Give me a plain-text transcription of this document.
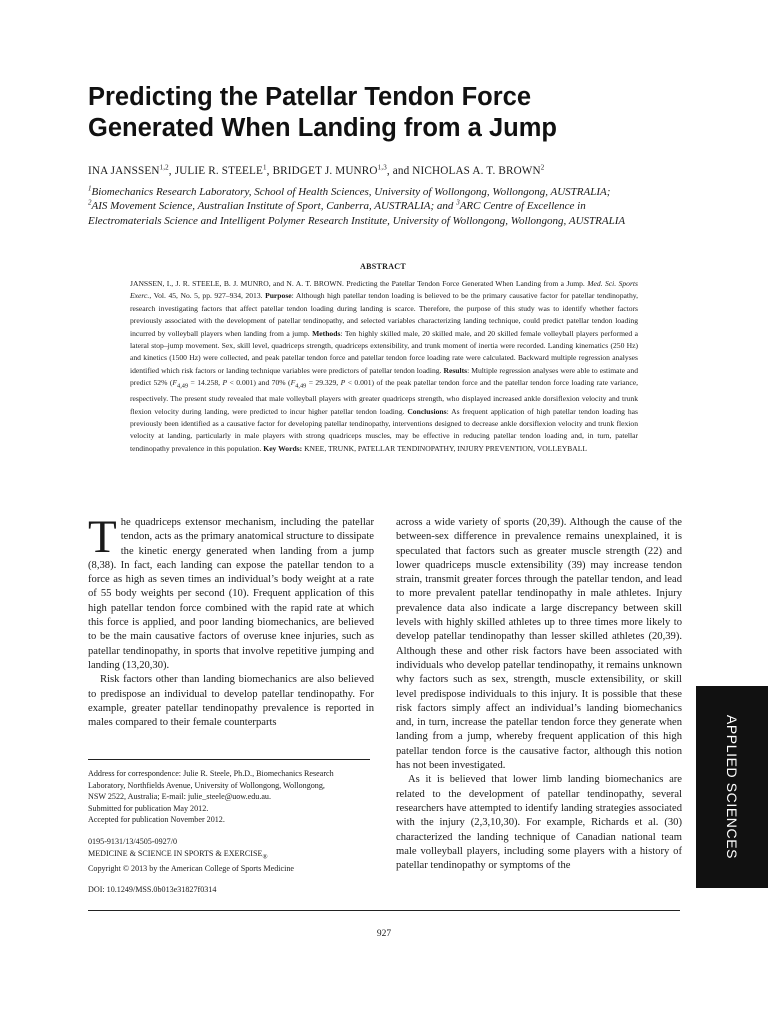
Predicting the Patellar Tendon Force
Generated When Landing from a Jump
INA JANSSEN$^{1,2}$, JULIE R. STEELE$^1$, BRIDGET J. MUNRO$^{1,3}$, and NICHOLAS A. T. BROWN$^2$
$^1$Biomechanics Research Laboratory, School of Health Sciences, University of Wollongong, Wollongong, AUSTRALIA;
$^2$AIS Movement Science, Australian Institute of Sport, Canberra, AUSTRALIA; and $^3$ARC Centre of Excellence in
Electromaterials Science and Intelligent Polymer Research Institute, University of Wollongong, Wollongong, AUSTRALIA
ABSTRACT
JANSSEN, I., J. R. STEELE, B. J. MUNRO, and N. A. T. BROWN. Predicting the Patellar Tendon Force Generated When Landing from a Jump. Med. Sci. Sports Exerc., Vol. 45, No. 5, pp. 927–934, 2013. Purpose: Although high patellar tendon loading is believed to be the primary causative factor for patellar tendinopathy, research investigating factors that affect patellar tendon loading during landing is scarce. Therefore, the purpose of this study was to identify whether factors previously associated with the development of patellar tendinopathy, and selected variables characterizing landing technique, could predict patellar tendon loading incurred by volleyball players when landing from a jump. Methods: Ten highly skilled male, 20 skilled male, and 20 skilled female volleyball players performed a lateral stop–jump movement. Sex, skill level, quadriceps strength, quadriceps extensibility, and trunk moment of inertia were recorded. Landing kinematics (250 Hz) and kinetics (1500 Hz) were collected, and peak patellar tendon force and patellar tendon force loading rate were calculated. Backward multiple regression analyses identified which risk factors or landing technique variables were predictors of patellar tendon loading. Results: Multiple regression analyses were able to estimate and predict 52% ($F_{4,49} = 14.258$, P < 0.001) and 70% ($F_{4,49} = 29.329$, P < 0.001) of the peak patellar tendon force and the patellar tendon force loading rate variance, respectively. The present study revealed that male volleyball players with greater quadriceps strength, who displayed increased ankle dorsiflexion velocity and trunk flexion velocity during landing, were predicted to incur higher patellar tendon loading. Conclusions: As frequent application of high patellar tendon loading has previously been identified as a causative factor for developing patellar tendinopathy, interventions designed to decrease ankle dorsiflexion velocity and trunk flexion velocity at landing, particularly in male players with strong quadriceps muscles, may be effective in reducing patellar tendon loading and, in turn, patellar tendinopathy prevalence in this population. Key Words: KNEE, TRUNK, PATELLAR TENDINOPATHY, INJURY PREVENTION, VOLLEYBALL

The quadriceps extensor mechanism, including the patellar tendon, acts as the primary anatomical structure to dissipate the kinetic energy generated when landing from a jump (8,38). In fact, each landing can expose the patellar tendon to a force as high as seven times an individual’s body weight at a rate of 55 body weights per second (10). Frequent application of this high patellar tendon force combined with the rapid rate at which this force is applied, and poor landing biomechanics, are believed to be the main causative factors of overuse knee injuries, such as patellar tendinopathy, in sports that involve repetitive jumping and landing (13,20,30).

Risk factors other than landing biomechanics are also believed to predispose an individual to develop patellar tendinopathy. For example, greater patellar tendinopathy prevalence is reported in males compared to their female counterparts

across a wide variety of sports (20,39). Although the cause of the between-sex difference in prevalence remains unexplained, it is speculated that factors such as greater muscle strength (22) and lower quadriceps muscle extensibility (39) may increase tendon strain, transmit greater forces through the patellar tendon, and lead to more prevalent patellar tendinopathy in male athletes. Injury prevalence data also indicate a large discrepancy between skill levels with highly skilled athletes up to three times more likely to develop patellar tendinopathy than lesser skilled athletes (20,39). Although these and other risk factors have been associated with individuals who develop patellar tendinopathy, it remains unknown why factors such as sex, strength, muscle extensibility, or skill level predispose individuals to this injury. It is possible that these risk factors simply affect an individual’s landing biomechanics and, in turn, increase the patellar tendon force they generate when landing from a jump, whereby frequent application of this high patellar tendon force is the causative factor, although this notion has not been investigated.

As it is believed that lower limb landing biomechanics are related to the development of patellar tendinopathy, several researchers have attempted to identify landing strategies associated with the injury (2,3,10,30). For example, Richards et al. (30) characterized the landing technique of Canadian national team male volleyball players, including some players with a history of patellar tendinopathy or symptoms of the

Address for correspondence: Julie R. Steele, Ph.D., Biomechanics Research
Laboratory, Northfields Avenue, University of Wollongong, Wollongong,
NSW 2522, Australia; E-mail: julie_steele@uow.edu.au.
Submitted for publication May 2012.
Accepted for publication November 2012.
0195-9131/13/4505-0927/0
MEDICINE & SCIENCE IN SPORTS & $EXERCISE_®$
Copyright © 2013 by the American College of Sports Medicine
DOI: 10.1249/MSS.0b013e31827f0314
927
APPLIED SCIENCES
